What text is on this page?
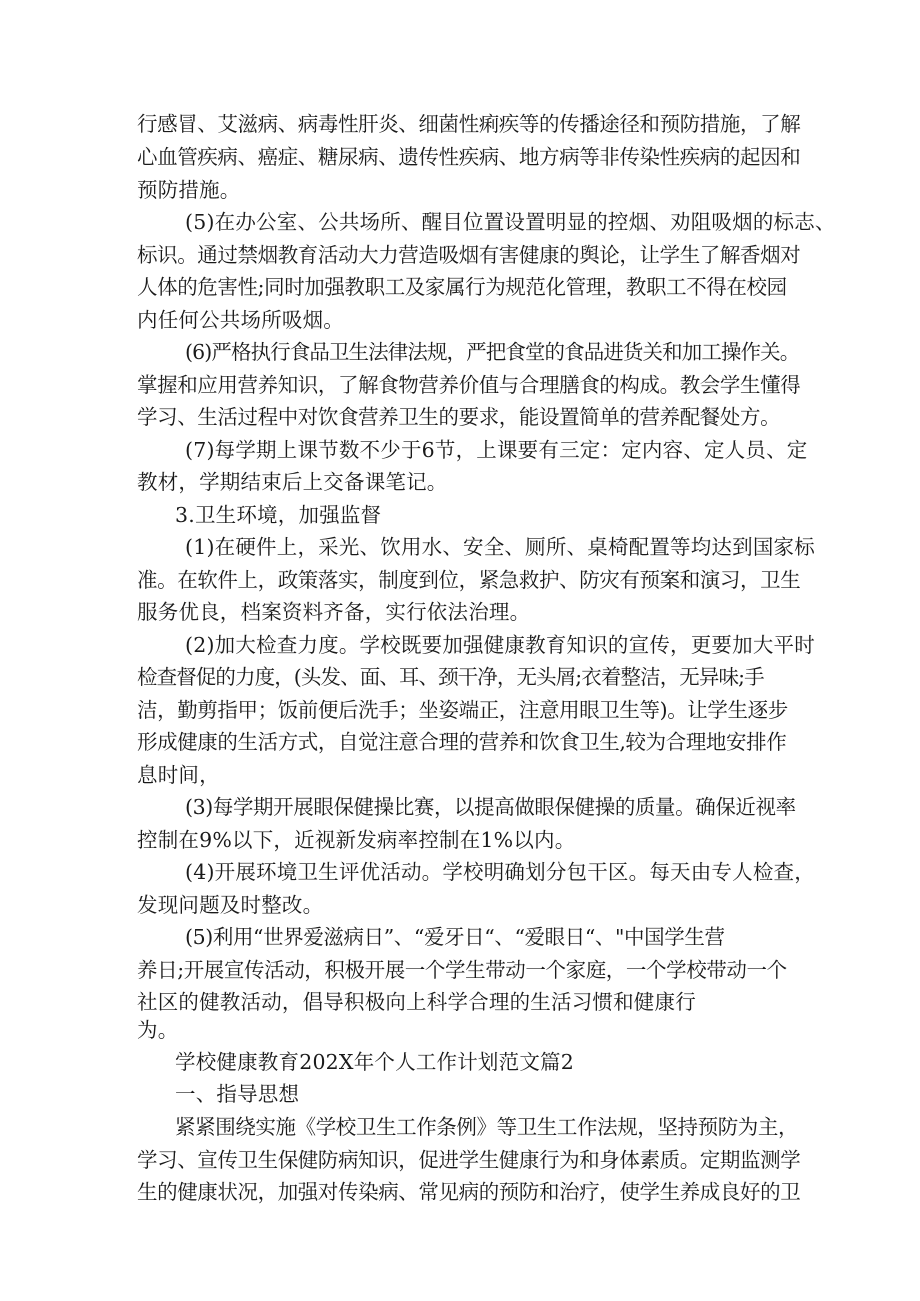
行感冒、艾滋病、病毒性肝炎、细菌性痢疾等的传播途径和预防措施，了解
心血管疾病、癌症、糖尿病、遗传性疾病、地方病等非传染性疾病的起因和
预防措施。
(5)在办公室、公共场所、醒目位置设置明显的控烟、劝阻吸烟的标志、
标识。通过禁烟教育活动大力营造吸烟有害健康的舆论，让学生了解香烟对
人体的危害性;同时加强教职工及家属行为规范化管理，教职工不得在校园
内任何公共场所吸烟。
(6)严格执行食品卫生法律法规，严把食堂的食品进货关和加工操作关。
掌握和应用营养知识，了解食物营养价值与合理膳食的构成。教会学生懂得
学习、生活过程中对饮食营养卫生的要求，能设置简单的营养配餐处方。
(7)每学期上课节数不少于6节，上课要有三定：定内容、定人员、定
教材，学期结束后上交备课笔记。
3.卫生环境，加强监督
(1)在硬件上，采光、饮用水、安全、厕所、桌椅配置等均达到国家标
准。在软件上，政策落实，制度到位，紧急救护、防灾有预案和演习，卫生
服务优良，档案资料齐备，实行依法治理。
(2)加大检查力度。学校既要加强健康教育知识的宣传，更要加大平时
检查督促的力度，(头发、面、耳、颈干净，无头屑;衣着整洁，无异味;手
洁，勤剪指甲；饭前便后洗手；坐姿端正，注意用眼卫生等)。让学生逐步
形成健康的生活方式，自觉注意合理的营养和饮食卫生,较为合理地安排作
息时间，
(3)每学期开展眼保健操比赛，以提高做眼保健操的质量。确保近视率
控制在9%以下，近视新发病率控制在1%以内。
(4)开展环境卫生评优活动。学校明确划分包干区。每天由专人检查，
发现问题及时整改。
(5)利用“世界爱滋病日”、“爱牙日“、“爱眼日“、"中国学生营
养日;开展宣传活动，积极开展一个学生带动一个家庭，一个学校带动一个
社区的健教活动，倡导积极向上科学合理的生活习惯和健康行
为。
学校健康教育202X年个人工作计划范文篇2
一、指导思想
紧紧围绕实施《学校卫生工作条例》等卫生工作法规，坚持预防为主，
学习、宣传卫生保健防病知识，促进学生健康行为和身体素质。定期监测学
生的健康状况，加强对传染病、常见病的预防和治疗，使学生养成良好的卫
